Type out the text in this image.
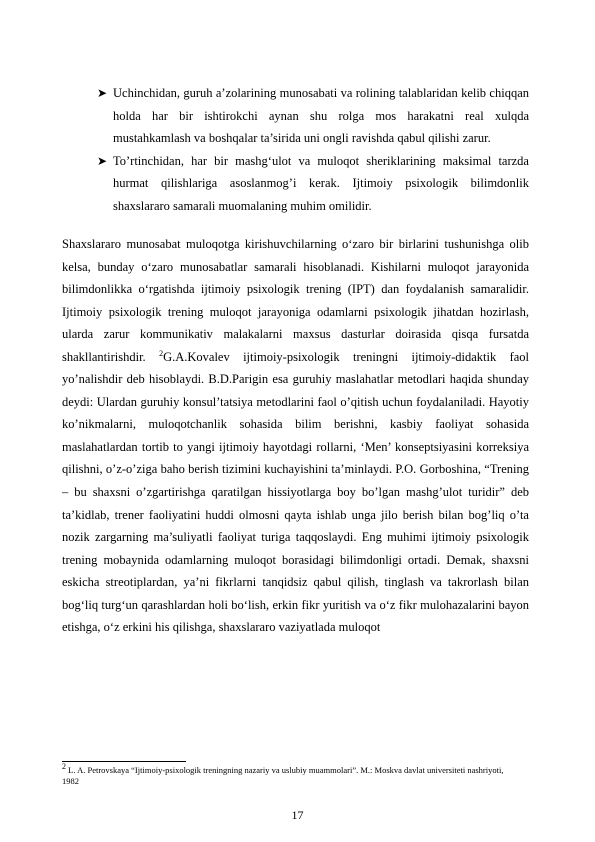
➤ Uchinchidan, guruh a’zolarining munosabati va rolining talablaridan kelib chiqqan holda har bir ishtirokchi aynan shu rolga mos harakatni real xulqda mustahkamlash va boshqalar ta’sirida uni ongli ravishda qabul qilishi zarur.

➤ To’rtinchidan, har bir mashg‘ulot va muloqot sheriklarining maksimal tarzda hurmat qilishlariga asoslanmog’i kerak. Ijtimoiy psixologik bilimdonlik shaxslararo samarali muomalaning muhim omilidir.

Shaxslararo munosabat muloqotga kirishuvchilarning o‘zaro bir birlarini tushunishga olib kelsa, bunday o‘zaro munosabatlar samarali hisoblanadi. Kishilarni muloqot jarayonida bilimdonlikka o‘rgatishda ijtimoiy psixologik trening (IPT) dan foydalanish samaralidir. Ijtimoiy psixologik trening muloqot jarayoniga odamlarni psixologik jihatdan hozirlash, ularda zarur kommunikativ malakalarni maxsus dasturlar doirasida qisqa fursatda shakllantirishdir. $^2$G.A.Kovalev ijtimoiy-psixologik treningni ijtimoiy-didaktik faol yo’nalishdir deb hisoblaydi. B.D.Parigin esa guruhiy maslahatlar metodlari haqida shunday deydi: Ulardan guruhiy konsul’tatsiya metodlarini faol o’qitish uchun foydalaniladi. Hayotiy ko’nikmalarni, muloqotchanlik sohasida bilim berishni, kasbiy faoliyat sohasida maslahatlardan tortib to yangi ijtimoiy hayotdagi rollarni, ‘Men’ konseptsiyasini korreksiya qilishni, o’z-o’ziga baho berish tizimini kuchayishini ta’minlaydi. P.O. Gorboshina, “Trening – bu shaxsni o’zgartirishga qaratilgan hissiyotlarga boy bo’lgan mashg’ulot turidir” deb ta’kidlab, trener faoliyatini huddi olmosni qayta ishlab unga jilo berish bilan bog’liq o’ta nozik zargarning ma’suliyatli faoliyat turiga taqqoslaydi. Eng muhimi ijtimoiy psixologik trening mobaynida odamlarning muloqot borasidagi bilimdonligi ortadi. Demak, shaxsni eskicha streotiplardan, ya’ni fikrlarni tanqidsiz qabul qilish, tinglash va takrorlash bilan bog‘liq turg‘un qarashlardan holi bo‘lish, erkin fikr yuritish va o‘z fikr mulohazalarini bayon etishga, o‘z erkini his qilishga, shaxslararo vaziyatlada muloqot

$^2$ L. A. Petrovskaya “Ijtimoiy-psixologik treningning nazariy va uslubiy muammolari”. M.: Moskva davlat universiteti nashriyoti, 1982

17
